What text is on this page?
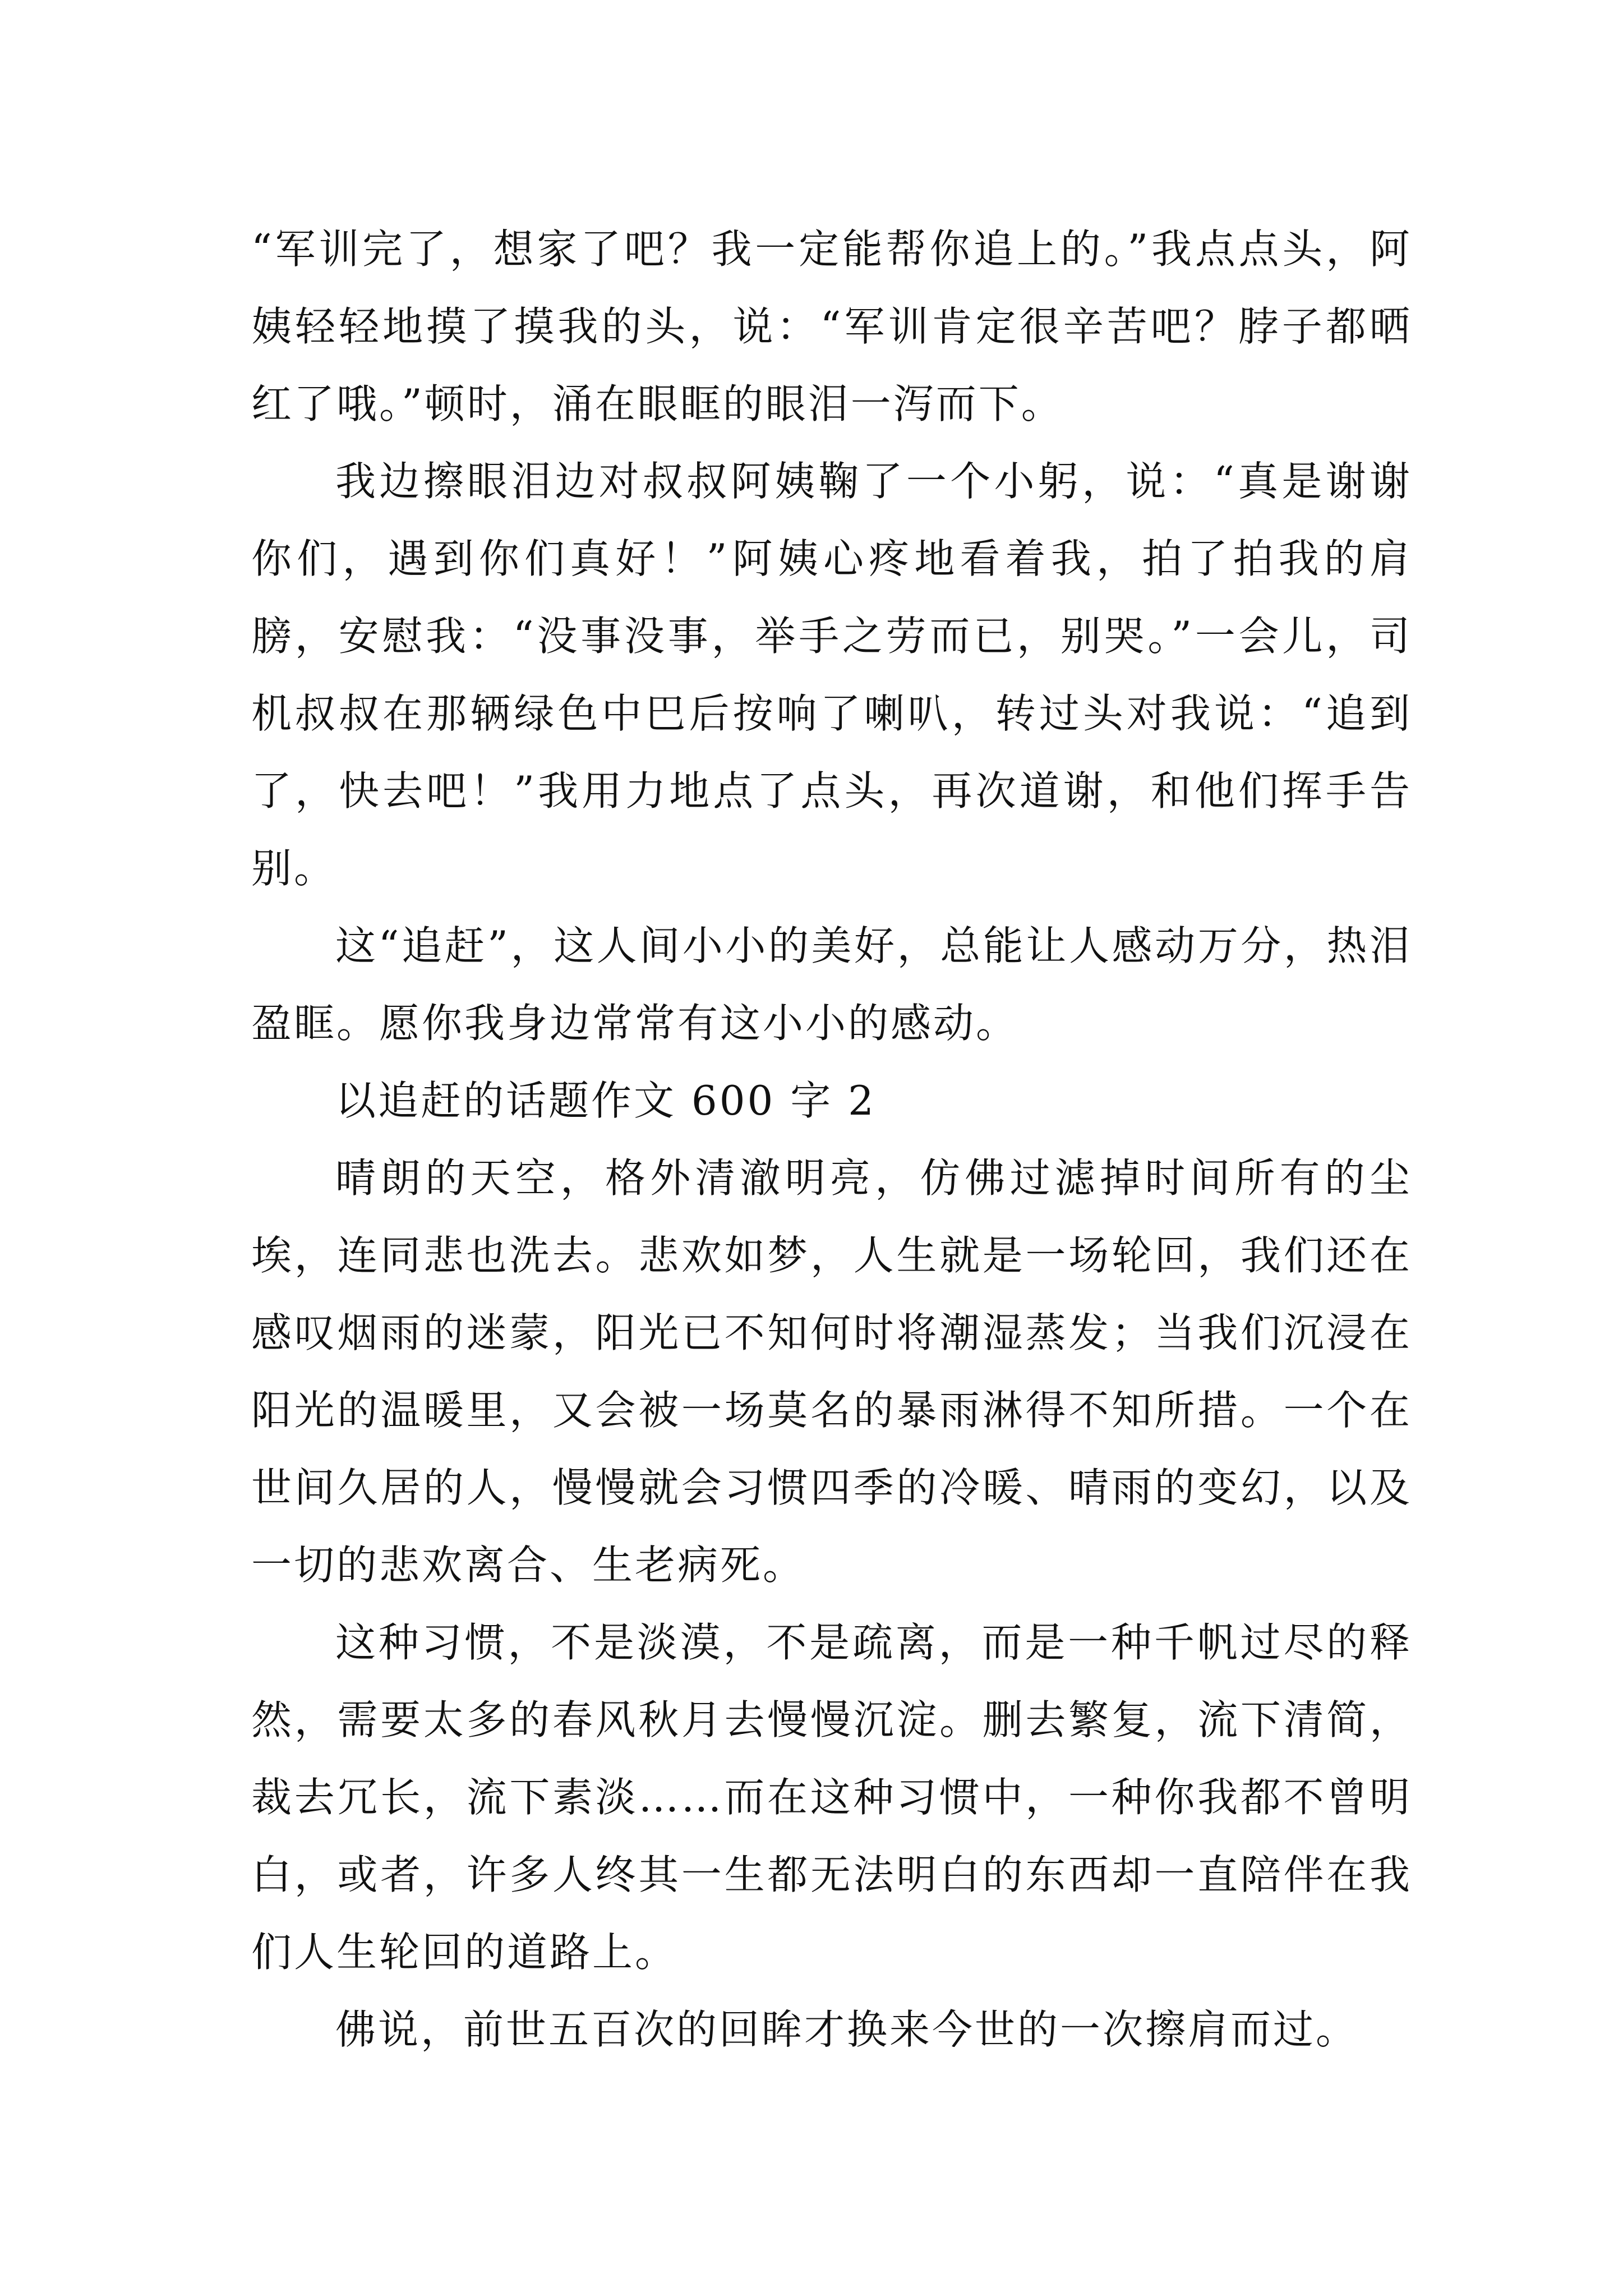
“军训完了，想家了吧？我一定能帮你追上的。”我点点头，阿姨轻轻地摸了摸我的头，说：“军训肯定很辛苦吧？脖子都晒红了哦。”顿时，涌在眼眶的眼泪一泻而下。

我边擦眼泪边对叔叔阿姨鞠了一个小躬，说：“真是谢谢你们，遇到你们真好！”阿姨心疼地看着我，拍了拍我的肩膀，安慰我：“没事没事，举手之劳而已，别哭。”一会儿，司机叔叔在那辆绿色中巴后按响了喇叭，转过头对我说：“追到了，快去吧！”我用力地点了点头，再次道谢，和他们挥手告别。

这“追赶”，这人间小小的美好，总能让人感动万分，热泪盈眶。愿你我身边常常有这小小的感动。

以追赶的话题作文 600 字 2

晴朗的天空，格外清澈明亮，仿佛过滤掉时间所有的尘埃，连同悲也洗去。悲欢如梦，人生就是一场轮回，我们还在感叹烟雨的迷蒙，阳光已不知何时将潮湿蒸发；当我们沉浸在阳光的温暖里，又会被一场莫名的暴雨淋得不知所措。一个在世间久居的人，慢慢就会习惯四季的冷暖、晴雨的变幻，以及一切的悲欢离合、生老病死。

这种习惯，不是淡漠，不是疏离，而是一种千帆过尽的释然，需要太多的春风秋月去慢慢沉淀。删去繁复，流下清简，裁去冗长，流下素淡……而在这种习惯中，一种你我都不曾明白，或者，许多人终其一生都无法明白的东西却一直陪伴在我们人生轮回的道路上。

佛说，前世五百次的回眸才换来今世的一次擦肩而过。
